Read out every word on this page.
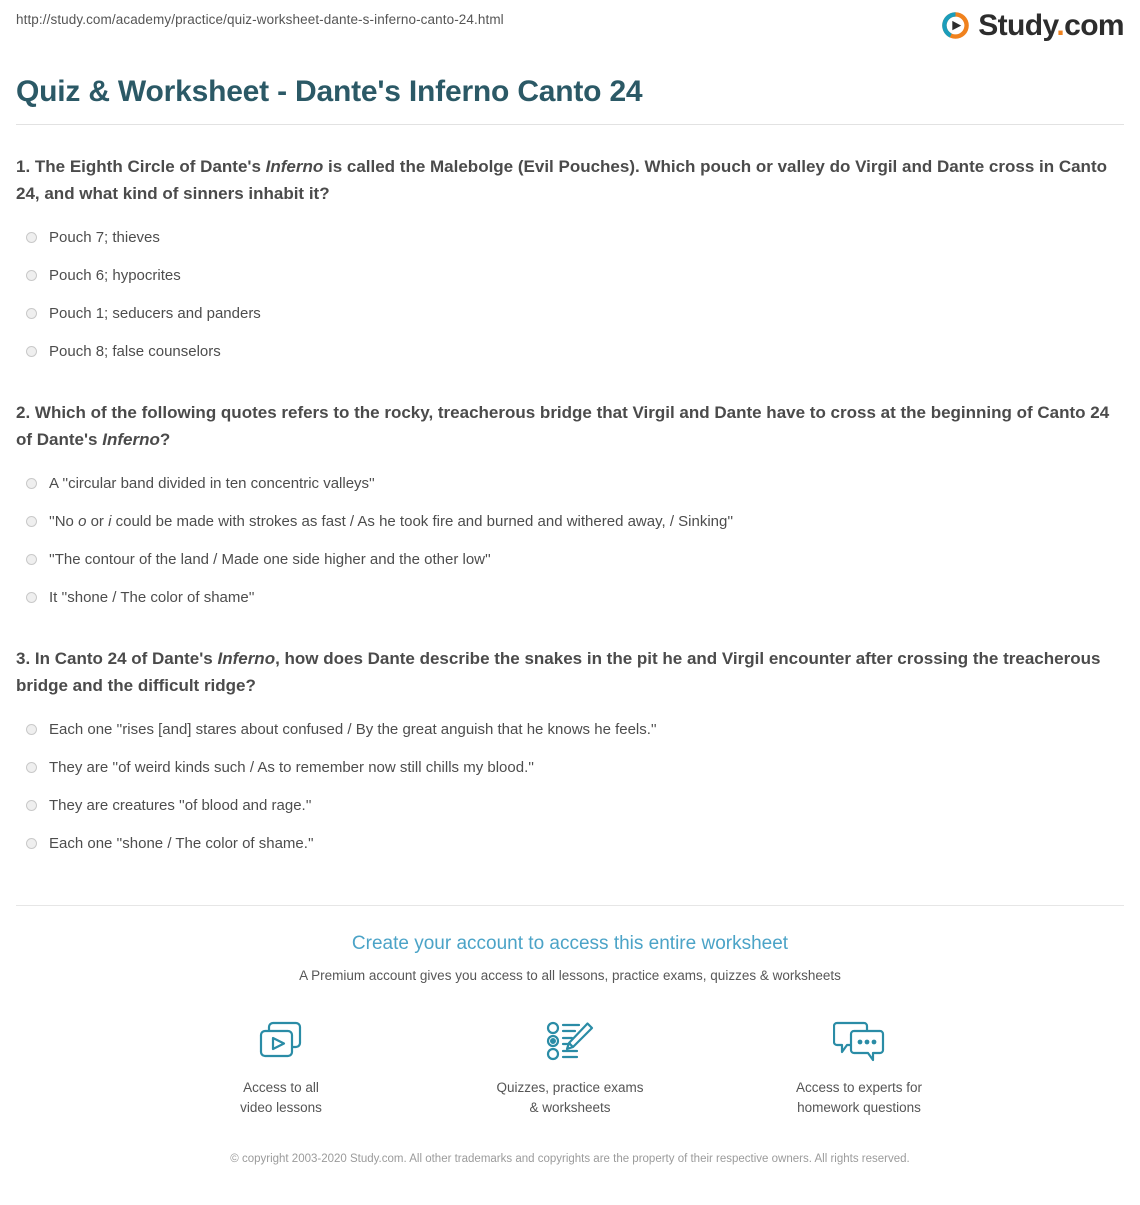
http://study.com/academy/practice/quiz-worksheet-dante-s-inferno-canto-24.html	Study.com
Quiz & Worksheet - Dante's Inferno Canto 24

1. The Eighth Circle of Dante's Inferno is called the Malebolge (Evil Pouches). Which pouch or valley do Virgil and Dante cross in Canto 24, and what kind of sinners inhabit it?

Pouch 7; thieves
Pouch 6; hypocrites
Pouch 1; seducers and panders
Pouch 8; false counselors

2. Which of the following quotes refers to the rocky, treacherous bridge that Virgil and Dante have to cross at the beginning of Canto 24 of Dante's Inferno?

A ''circular band divided in ten concentric valleys''
''No o or i could be made with strokes as fast / As he took fire and burned and withered away, / Sinking''
''The contour of the land / Made one side higher and the other low''
It ''shone / The color of shame''

3. In Canto 24 of Dante's Inferno, how does Dante describe the snakes in the pit he and Virgil encounter after crossing the treacherous bridge and the difficult ridge?

Each one ''rises [and] stares about confused / By the great anguish that he knows he feels.''
They are ''of weird kinds such / As to remember now still chills my blood.''
They are creatures ''of blood and rage.''
Each one ''shone / The color of shame.''
Create your account to access this entire worksheet
A Premium account gives you access to all lessons, practice exams, quizzes & worksheets
Access to all
video lessons
Quizzes, practice exams
& worksheets
Access to experts for
homework questions
© copyright 2003-2020 Study.com. All other trademarks and copyrights are the property of their respective owners. All rights reserved.
